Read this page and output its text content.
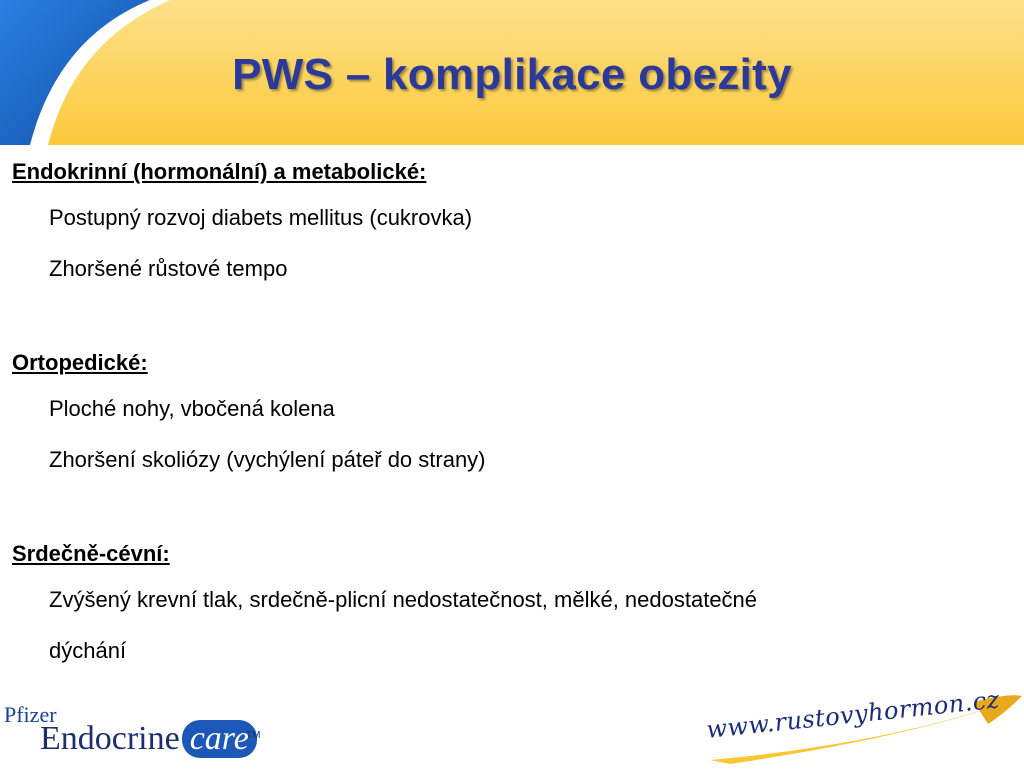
PWS – komplikace obezity
Endokrinní (hormonální) a metabolické:
Postupný rozvoj diabets mellitus (cukrovka)
Zhoršené růstové tempo
Ortopedické:
Ploché nohy, vbočená kolena
Zhoršení skoliózy (vychýlení páteř do strany)
Srdečně-cévní:
Zvýšený krevní tlak, srdečně-plicní nedostatečnost, mělké, nedostatečné
dýchání
Pfizer
Endocrine care
TM	www.rustovyhormon.cz
